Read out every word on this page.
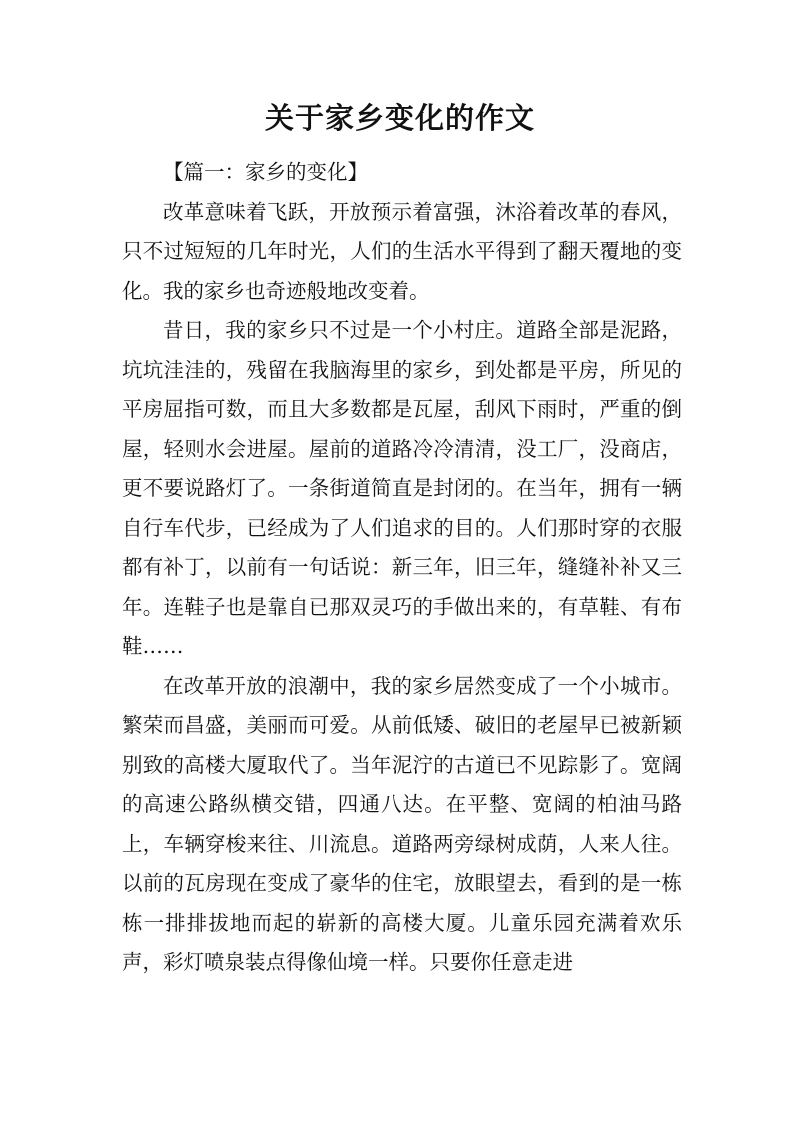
关于家乡变化的作文

【篇一：家乡的变化】

改革意味着飞跃，开放预示着富强，沐浴着改革的春风，只不过短短的几年时光，人们的生活水平得到了翻天覆地的变化。我的家乡也奇迹般地改变着。

昔日，我的家乡只不过是一个小村庄。道路全部是泥路，坑坑洼洼的，残留在我脑海里的家乡，到处都是平房，所见的平房屈指可数，而且大多数都是瓦屋，刮风下雨时，严重的倒屋，轻则水会进屋。屋前的道路冷冷清清，没工厂，没商店，更不要说路灯了。一条街道简直是封闭的。在当年，拥有一辆自行车代步，已经成为了人们追求的目的。人们那时穿的衣服都有补丁，以前有一句话说：新三年，旧三年，缝缝补补又三年。连鞋子也是靠自已那双灵巧的手做出来的，有草鞋、有布鞋……

在改革开放的浪潮中，我的家乡居然变成了一个小城市。繁荣而昌盛，美丽而可爱。从前低矮、破旧的老屋早已被新颖别致的高楼大厦取代了。当年泥泞的古道已不见踪影了。宽阔的高速公路纵横交错，四通八达。在平整、宽阔的柏油马路上，车辆穿梭来往、川流息。道路两旁绿树成荫，人来人往。以前的瓦房现在变成了豪华的住宅，放眼望去，看到的是一栋栋一排排拔地而起的崭新的高楼大厦。儿童乐园充满着欢乐声，彩灯喷泉装点得像仙境一样。只要你任意走进
